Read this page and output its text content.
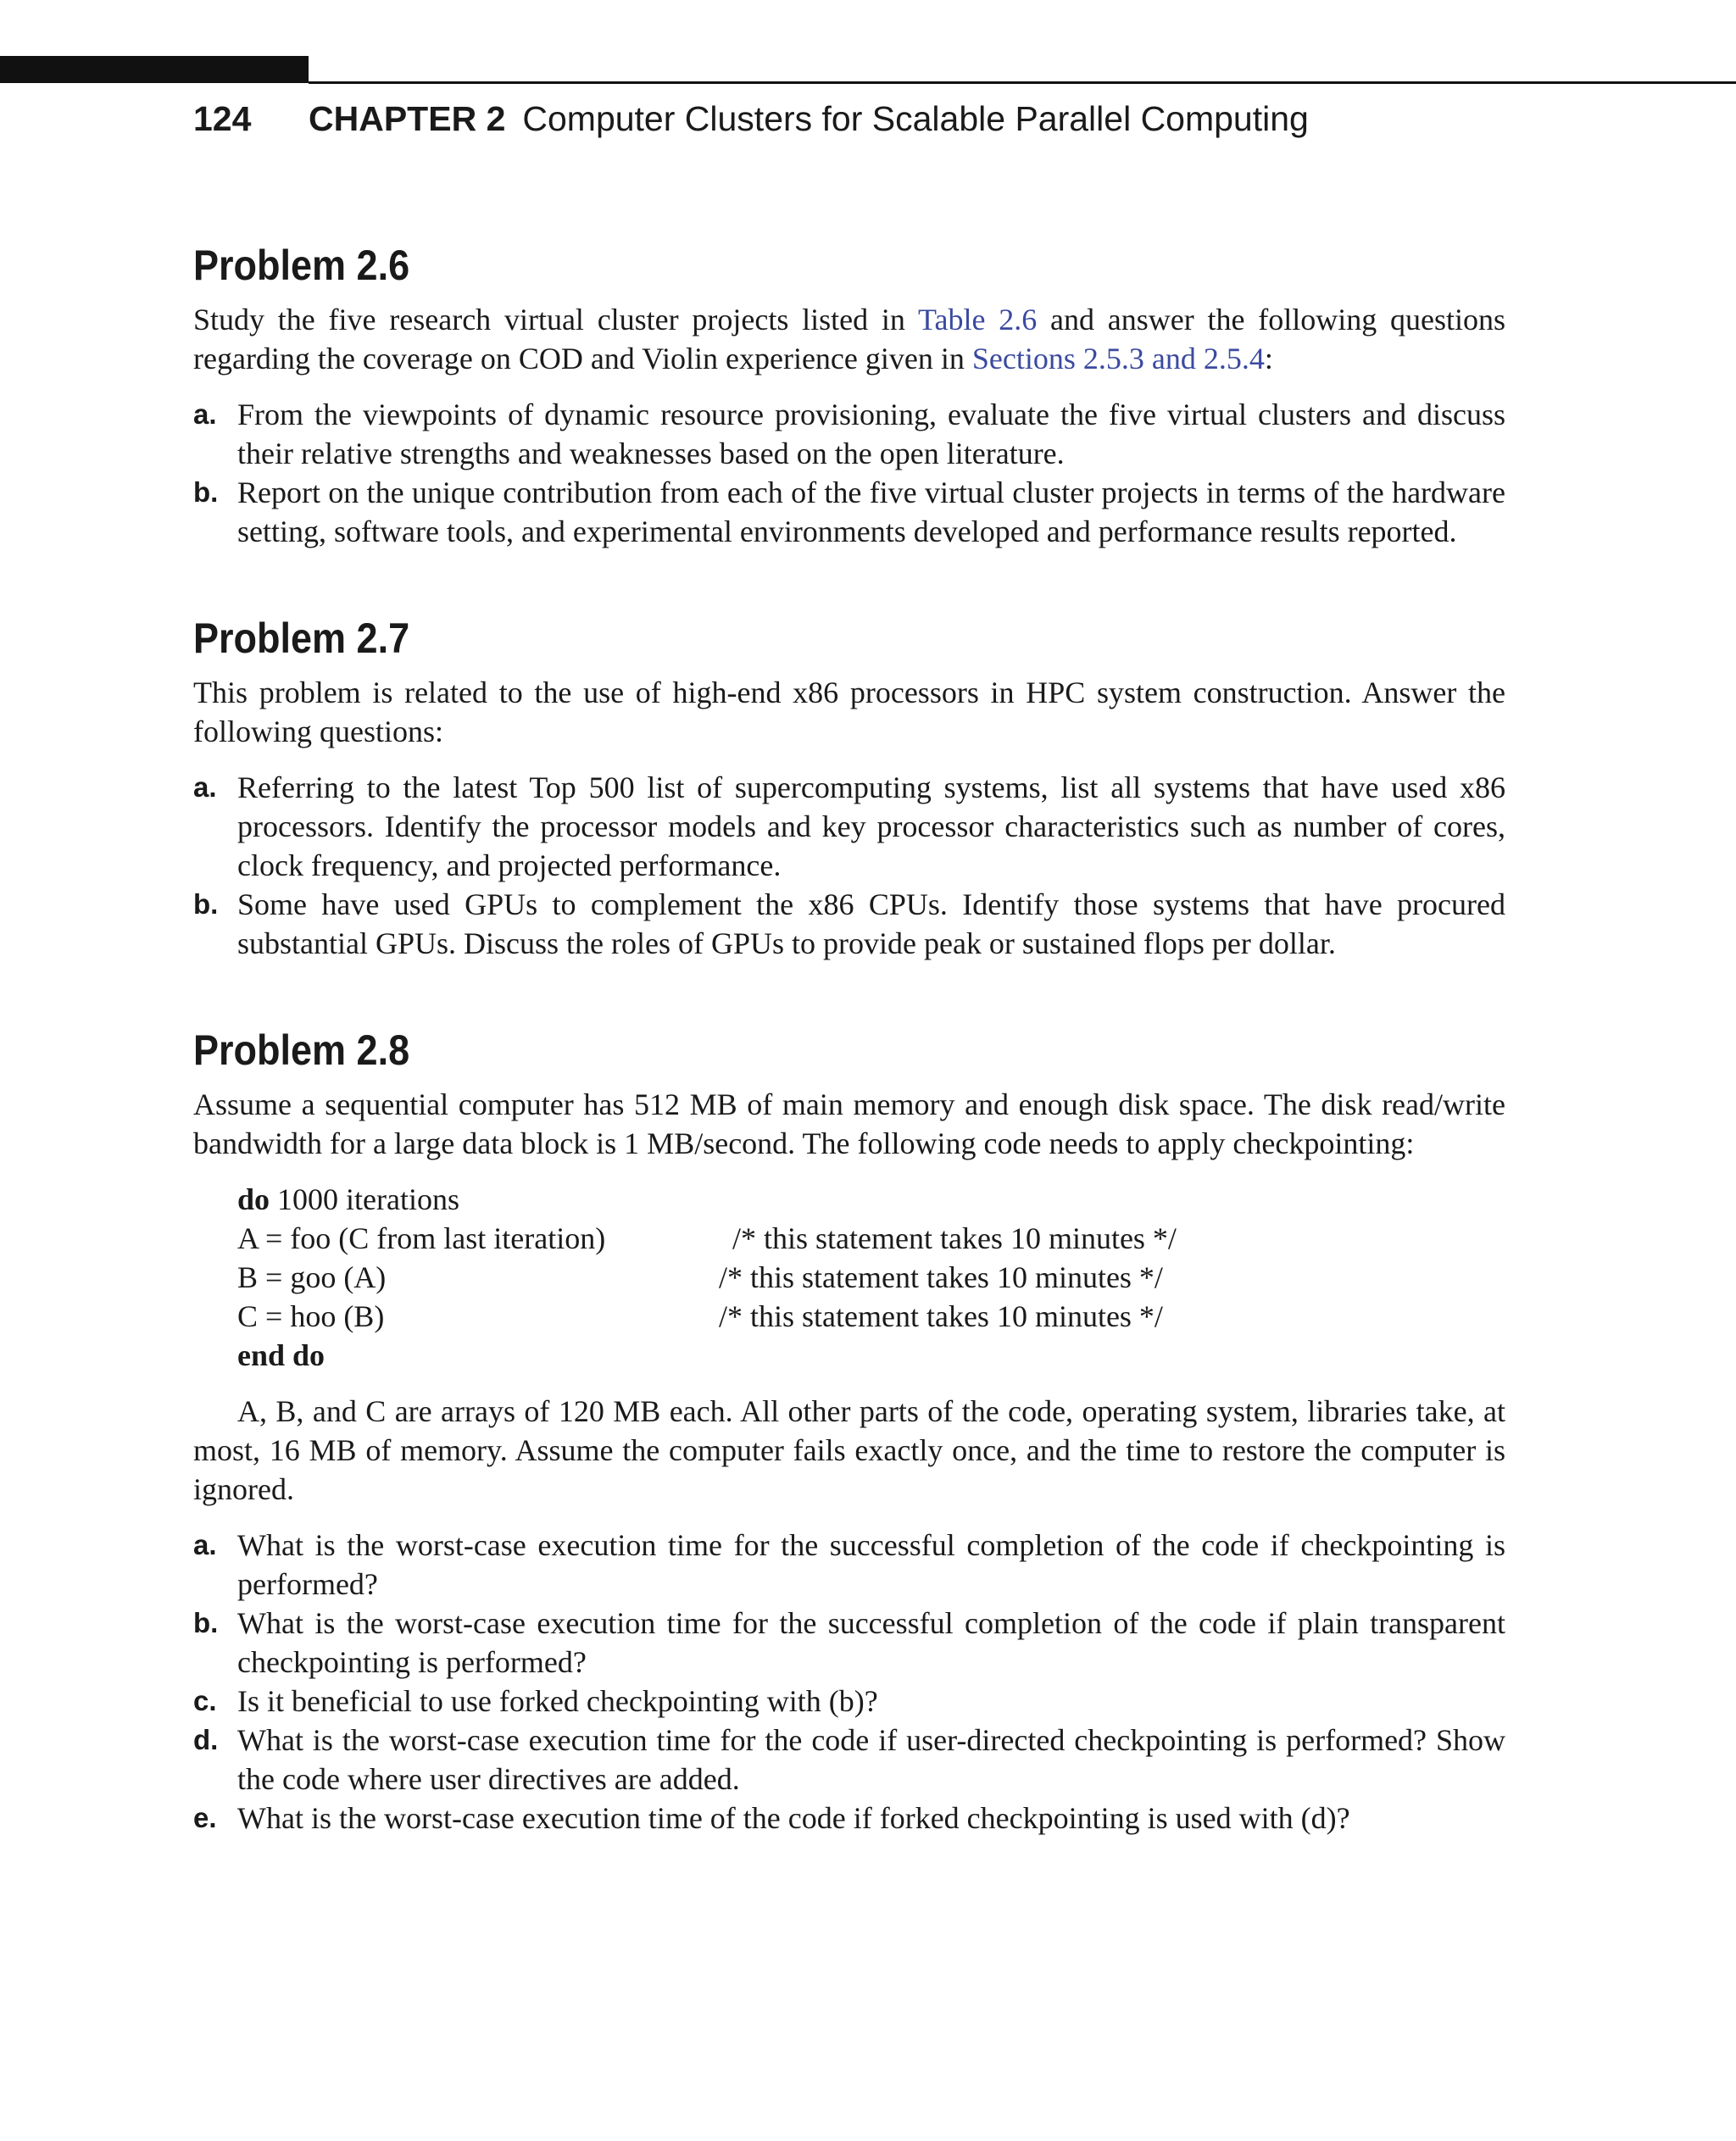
124 CHAPTER 2 Computer Clusters for Scalable Parallel Computing
Problem 2.6

Study the five research virtual cluster projects listed in Table 2.6 and answer the following questions regarding the coverage on COD and Violin experience given in Sections 2.5.3 and 2.5.4:

a. From the viewpoints of dynamic resource provisioning, evaluate the five virtual clusters and discuss their relative strengths and weaknesses based on the open literature.
b. Report on the unique contribution from each of the five virtual cluster projects in terms of the hardware setting, software tools, and experimental environments developed and performance results reported.
Problem 2.7

This problem is related to the use of high-end x86 processors in HPC system construction. Answer the following questions:

a. Referring to the latest Top 500 list of supercomputing systems, list all systems that have used x86 processors. Identify the processor models and key processor characteristics such as number of cores, clock frequency, and projected performance.
b. Some have used GPUs to complement the x86 CPUs. Identify those systems that have procured substantial GPUs. Discuss the roles of GPUs to provide peak or sustained flops per dollar.
Problem 2.8

Assume a sequential computer has 512 MB of main memory and enough disk space. The disk read/write bandwidth for a large data block is 1 MB/second. The following code needs to apply checkpointing:

do 1000 iterations
A = foo (C from last iteration)	/* this statement takes 10 minutes */
B = goo (A)	/* this statement takes 10 minutes */
C = hoo (B)	/* this statement takes 10 minutes */
end do

A, B, and C are arrays of 120 MB each. All other parts of the code, operating system, libraries take, at most, 16 MB of memory. Assume the computer fails exactly once, and the time to restore the computer is ignored.

a. What is the worst-case execution time for the successful completion of the code if checkpointing is performed?
b. What is the worst-case execution time for the successful completion of the code if plain transparent checkpointing is performed?
c. Is it beneficial to use forked checkpointing with (b)?
d. What is the worst-case execution time for the code if user-directed checkpointing is performed? Show the code where user directives are added.
e. What is the worst-case execution time of the code if forked checkpointing is used with (d)?
